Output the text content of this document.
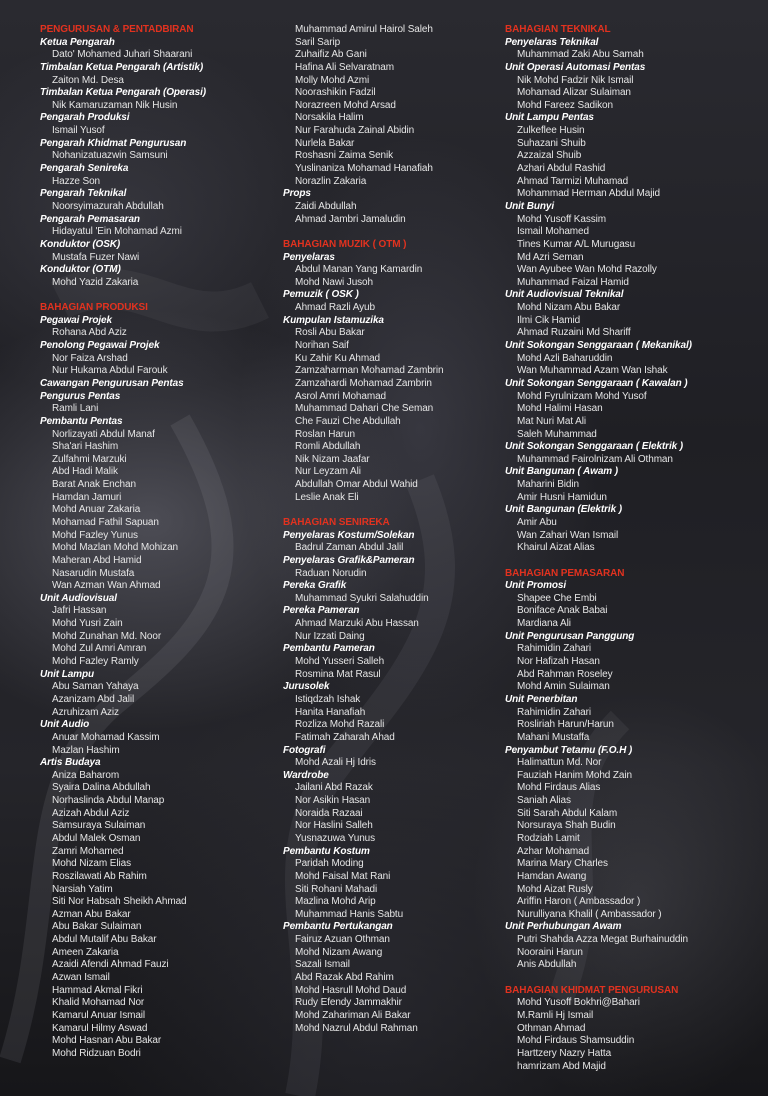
PENGURUSAN & PENTADBIRAN
Ketua Pengarah
Dato' Mohamed Juhari Shaarani
Timbalan Ketua Pengarah (Artistik)
Zaiton Md. Desa
Timbalan Ketua Pengarah (Operasi)
Nik Kamaruzaman Nik Husin
Pengarah Produksi
Ismail Yusof
Pengarah Khidmat Pengurusan
Nohanizatuazwin Samsuni
Pengarah Senireka
Hazze Son
Pengarah Teknikal
Noorsyimazurah Abdullah
Pengarah Pemasaran
Hidayatul 'Ein Mohamad Azmi
Konduktor (OSK)
Mustafa Fuzer Nawi
Konduktor (OTM)
Mohd Yazid Zakaria
BAHAGIAN PRODUKSI
Pegawai Projek
Rohana Abd Aziz
Penolong Pegawai Projek
Nor Faiza Arshad
Nur Hukama Abdul Farouk
Cawangan Pengurusan Pentas
Pengurus Pentas
Ramli Lani
Pembantu Pentas
Norlizayati Abdul Manaf
Sha'ari Hashim
Zulfahmi Marzuki
Abd Hadi Malik
Barat Anak Enchan
Hamdan Jamuri
Mohd Anuar Zakaria
Mohamad Fathil Sapuan
Mohd Fazley Yunus
Mohd Mazlan Mohd Mohizan
Maheran Abd Hamid
Nasarudin Mustafa
Wan Azman Wan Ahmad
Unit Audiovisual
Jafri Hassan
Mohd Yusri Zain
Mohd Zunahan Md. Noor
Mohd Zul Amri Amran
Mohd Fazley Ramly
Unit Lampu
Abu Saman Yahaya
Azanizam Abd Jalil
Azruhizam Aziz
Unit Audio
Anuar Mohamad Kassim
Mazlan Hashim
Artis Budaya
Aniza Baharom
Syaira Dalina Abdullah
Norhaslinda Abdul Manap
Azizah Abdul Aziz
Samsuraya Sulaiman
Abdul Malek Osman
Zamri Mohamed
Mohd Nizam Elias
Roszilawati Ab Rahim
Narsiah Yatim
Siti Nor Habsah Sheikh Ahmad
Azman Abu Bakar
Abu Bakar Sulaiman
Abdul Mutalif Abu Bakar
Ameen Zakaria
Azaidi Afendi Ahmad Fauzi
Azwan Ismail
Hammad Akmal Fikri
Khalid Mohamad Nor
Kamarul Anuar Ismail
Kamarul Hilmy Aswad
Mohd Hasnan Abu Bakar
Mohd Ridzuan Bodri
Muhammad Amirul Hairol Saleh
Saril Sarip
Zuhaifiz Ab Gani
Hafina Ali Selvaratnam
Molly Mohd Azmi
Noorashikin Fadzil
Norazreen Mohd Arsad
Norsakila Halim
Nur Farahuda Zainal Abidin
Nurlela Bakar
Roshasni Zaima Senik
Yuslinaniza Mohamad Hanafiah
Norazlin Zakaria
Props
Zaidi Abdullah
Ahmad Jambri Jamaludin
BAHAGIAN MUZIK ( OTM )
Penyelaras
Abdul Manan Yang Kamardin
Mohd Nawi Jusoh
Pemuzik ( OSK )
Ahmad Razli Ayub
Kumpulan Istamuzika
Rosli Abu Bakar
Norihan Saif
Ku Zahir Ku Ahmad
Zamzaharman Mohamad Zambrin
Zamzahardi Mohamad Zambrin
Asrol Amri Mohamad
Muhammad Dahari Che Seman
Che Fauzi Che Abdullah
Roslan Harun
Romli Abdullah
Nik Nizam Jaafar
Nur Leyzam Ali
Abdullah Omar Abdul Wahid
Leslie Anak Eli
BAHAGIAN SENIREKA
Penyelaras Kostum/Solekan
Badrul Zaman Abdul Jalil
Penyelaras Grafik&Pameran
Raduan Norudin
Pereka Grafik
Muhammad Syukri Salahuddin
Pereka Pameran
Ahmad Marzuki Abu Hassan
Nur Izzati Daing
Pembantu Pameran
Mohd Yusseri Salleh
Rosmina Mat Rasul
Jurusolek
Istiqdzah Ishak
Hanita Hanafiah
Rozliza Mohd Razali
Fatimah Zaharah Ahad
Fotografi
Mohd Azali Hj Idris
Wardrobe
Jailani Abd Razak
Nor Asikin Hasan
Noraida Razaai
Nor Haslini Salleh
Yusnazuwa Yunus
Pembantu Kostum
Paridah Moding
Mohd Faisal Mat Rani
Siti Rohani Mahadi
Mazlina Mohd Arip
Muhammad Hanis Sabtu
Pembantu Pertukangan
Fairuz Azuan Othman
Mohd Nizam Awang
Sazali Ismail
Abd Razak Abd Rahim
Mohd Hasrull Mohd Daud
Rudy Efendy Jammakhir
Mohd Zahariman Ali Bakar
Mohd Nazrul Abdul Rahman
BAHAGIAN TEKNIKAL
Penyelaras Teknikal
Muhammad Zaki Abu Samah
Unit Operasi Automasi Pentas
Nik Mohd Fadzir Nik Ismail
Mohamad Alizar Sulaiman
Mohd Fareez Sadikon
Unit Lampu Pentas
Zulkeflee Husin
Suhazani Shuib
Azzaizal Shuib
Azhari Abdul Rashid
Ahmad Tarmizi Muhamad
Mohammad Herman Abdul Majid
Unit Bunyi
Mohd Yusoff Kassim
Ismail Mohamed
Tines Kumar A/L Murugasu
Md Azri Seman
Wan Ayubee Wan Mohd Razolly
Muhammad Faizal Hamid
Unit Audiovisual Teknikal
Mohd Nizam Abu Bakar
Ilmi Cik Hamid
Ahmad Ruzaini Md Shariff
Unit Sokongan Senggaraan ( Mekanikal)
Mohd Azli Baharuddin
Wan Muhammad Azam Wan Ishak
Unit Sokongan Senggaraan ( Kawalan )
Mohd Fyrulnizam Mohd Yusof
Mohd Halimi Hasan
Mat Nuri Mat Ali
Saleh Muhammad
Unit Sokongan Senggaraan ( Elektrik )
Muhammad Fairolnizam Ali Othman
Unit Bangunan ( Awam )
Maharini Bidin
Amir Husni Hamidun
Unit Bangunan (Elektrik )
Amir Abu
Wan Zahari Wan Ismail
Khairul Aizat Alias
BAHAGIAN PEMASARAN
Unit Promosi
Shapee Che Embi
Boniface Anak Babai
Mardiana Ali
Unit Pengurusan Panggung
Rahimidin Zahari
Nor Hafizah Hasan
Abd Rahman Roseley
Mohd Amin Sulaiman
Unit Penerbitan
Rahimidin Zahari
Rosliriah Harun/Harun
Mahani Mustaffa
Penyambut Tetamu (F.O.H )
Halimattun Md. Nor
Fauziah Hanim Mohd Zain
Mohd Firdaus Alias
Saniah Alias
Siti Sarah Abdul Kalam
Norsuraya Shah Budin
Rodziah Lamit
Azhar Mohamad
Marina Mary Charles
Hamdan Awang
Mohd Aizat Rusly
Ariffin Haron ( Ambassador )
Nurulliyana Khalil ( Ambassador )
Unit Perhubungan Awam
Putri Shahda Azza Megat Burhainuddin
Nooraini Harun
Anis Abdullah
BAHAGIAN KHIDMAT PENGURUSAN
Mohd Yusoff Bokhri@Bahari
M.Ramli Hj Ismail
Othman Ahmad
Mohd Firdaus Shamsuddin
Harttzery Nazry Hatta
hamrizam Abd Majid
